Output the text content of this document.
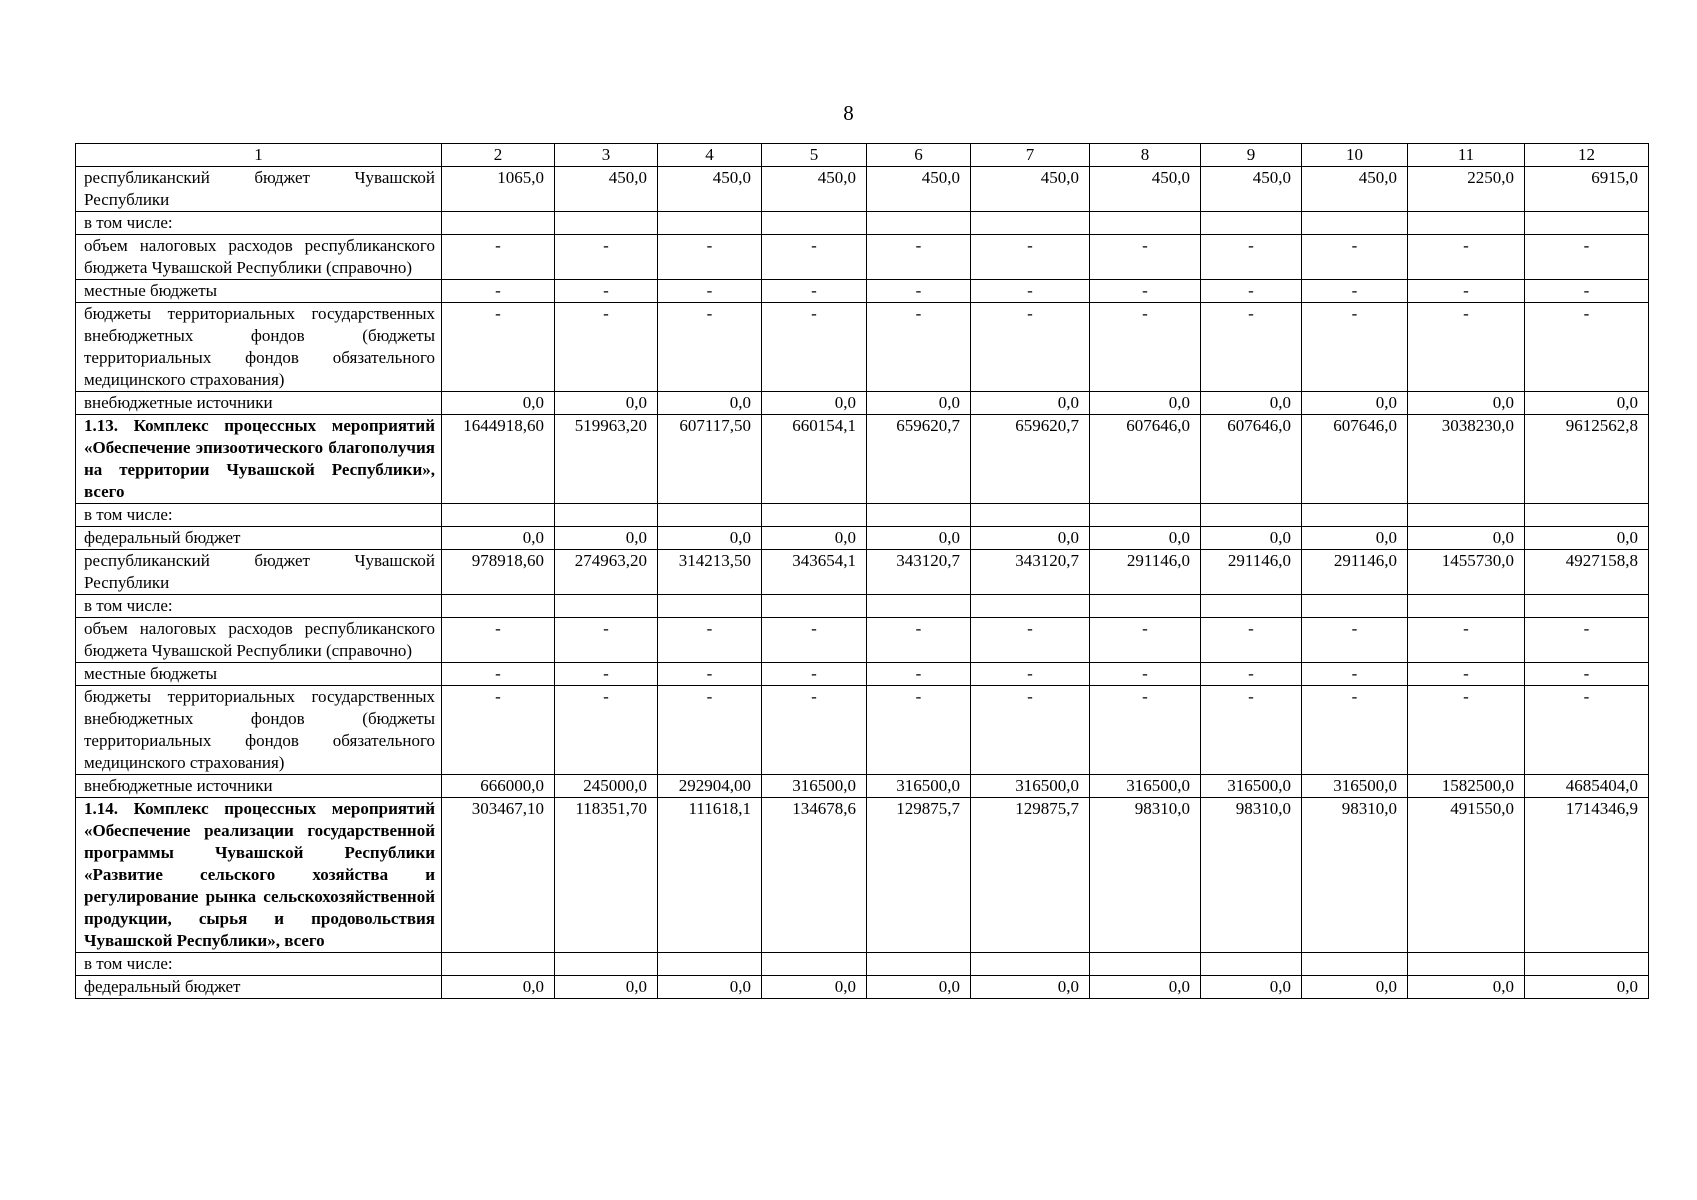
8
1	2	3	4	5	6	7	8	9	10	11	12
республиканский бюджет Чувашской Республики	1065,0	450,0	450,0	450,0	450,0	450,0	450,0	450,0	450,0	2250,0	6915,0
в том числе:											
объем налоговых расходов республиканского бюджета Чувашской Республики (справочно)	-	-	-	-	-	-	-	-	-	-	-
местные бюджеты	-	-	-	-	-	-	-	-	-	-	-
бюджеты территориальных государственных внебюджетных фондов (бюджеты территориальных фондов обязательного медицинского страхования)	-	-	-	-	-	-	-	-	-	-	-
внебюджетные источники	0,0	0,0	0,0	0,0	0,0	0,0	0,0	0,0	0,0	0,0	0,0
1.13. Комплекс процессных мероприятий «Обеспечение эпизоотического благополучия на территории Чувашской Республики», всего	1644918,60	519963,20	607117,50	660154,1	659620,7	659620,7	607646,0	607646,0	607646,0	3038230,0	9612562,8
в том числе:											
федеральный бюджет	0,0	0,0	0,0	0,0	0,0	0,0	0,0	0,0	0,0	0,0	0,0
республиканский бюджет Чувашской Республики	978918,60	274963,20	314213,50	343654,1	343120,7	343120,7	291146,0	291146,0	291146,0	1455730,0	4927158,8
в том числе:											
объем налоговых расходов республиканского бюджета Чувашской Республики (справочно)	-	-	-	-	-	-	-	-	-	-	-
местные бюджеты	-	-	-	-	-	-	-	-	-	-	-
бюджеты территориальных государственных внебюджетных фондов (бюджеты территориальных фондов обязательного медицинского страхования)	-	-	-	-	-	-	-	-	-	-	-
внебюджетные источники	666000,0	245000,0	292904,00	316500,0	316500,0	316500,0	316500,0	316500,0	316500,0	1582500,0	4685404,0
1.14. Комплекс процессных мероприятий «Обеспечение реализации государственной программы Чувашской Республики «Развитие сельского хозяйства и регулирование рынка сельскохозяйственной продукции, сырья и продовольствия Чувашской Республики», всего	303467,10	118351,70	111618,1	134678,6	129875,7	129875,7	98310,0	98310,0	98310,0	491550,0	1714346,9
в том числе:											
федеральный бюджет	0,0	0,0	0,0	0,0	0,0	0,0	0,0	0,0	0,0	0,0	0,0
